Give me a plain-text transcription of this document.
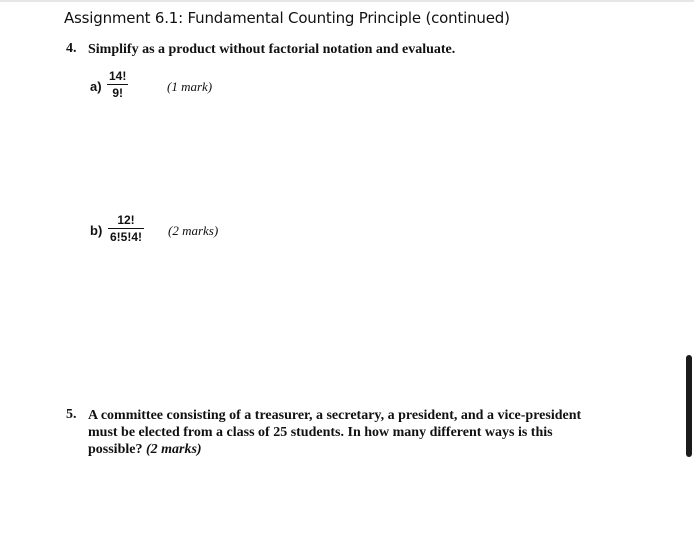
Assignment 6.1: Fundamental Counting Principle (continued)
4. Simplify as a product without factorial notation and evaluate.
a)
14!
9!	(1 mark)
b)
12!
6!5!4! (2 marks)
5. A committee consisting of a treasurer, a secretary, a president, and a vice-president
must be elected from a class of 25 students. In how many different ways is this
possible? (2 marks)
